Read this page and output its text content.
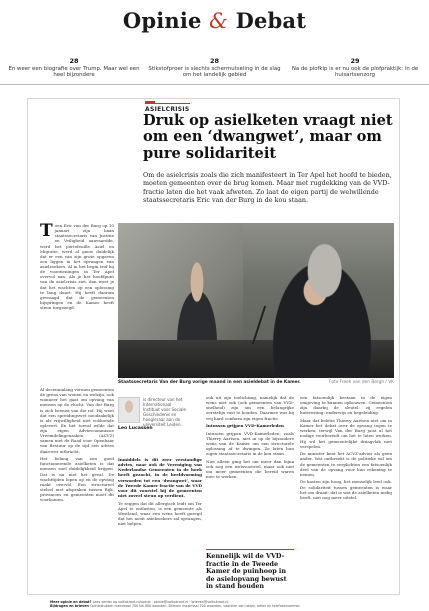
Opinie & Debat
28
En weer een biografie over Trump. Maar wel een heel bijzondere
28
Stikstofproer is slechts schermutseling in de slag om het landelijk gebied
29
Na de plofkip is er nu ook de plofpraktijk: in de huisartsenzorg
ASIELCRISIS
Druk op asielketen vraagt niet om een ‘dwangwet’, maar om pure solidariteit
Om de asielcrisis zoals die zich manifesteert in Ter Apel het hoofd te bieden, moeten gemeenten over de brug komen. Maar met rugdekking van de VVD-fractie laten die het vaak afweten. Zo laat de eigen partij de welwillende staatssecretaris Eric van der Burg in de kou staan.

Toen Eric van der Burg op 10 januari zijn baan staatssecretaris van Justitie en Veiligheid aanvaardde, werd het portefeuille Asiel en Migratie, werd al gauw duidelijk dat er een van zijn grote opgaven zou liggen in het opvangen van asielzoekers. Al in het begin trof hij de voorzieningen in Ter Apel overvol aan. Als je het hoofdpunt van de asielcrisis ziet, dan weet je dat het wachten op een oplossing te lang duurt. Hij heeft daarom gevraagd dat de gemeenten bijspringen en de Kamer heeft steun toegezegd.

Staatssecretaris Van der Burg vorige maand in een asieldebat in de Kamer.	Foto Freek van den Bergh / VK

Al decennialang vormen gemeenten de grens van wonen en welzijn, ook wanneer het gaat om opvang van mensen op de vlucht. Van der Burg is zich bewust van die rol. Hij weet dat een spreidingswet noodzakelijk is als vrijwilligheid niet voldoende oplevert. En het toeval wilde dat zijn eigen Adviescommissie Vreemdelingenzaken (ACVZ) samen met de Raad voor Openbaar van Bestuur op de tijd een advies daarover uitbracht.

Het belang van een goed functionerende asielketen is dat mensen snel duidelijkheid krijgen. Dat is nu niet het geval. De wachttijden lopen op en de opvang raakt overvol. Een structureel stelsel met afspraken tussen Rijk, provincies en gemeenten moet dit voorkomen.

is directeur van het Internationaal Instituut voor Sociale Geschiedenis en hoogleraar aan de universiteit Leiden.
Leo Lucassen

Inmiddels is dit zeer verstandige advies, naar ook de Vereniging van Nederlandse Gemeenten in de hoek heeft gezocht, in de beeldvorming verworden tot een ‘dwangwet’, waar de Tweede Kamer fractie van de VVD voor dit voorstel bij de gemeenten niet zoveel steun op verdient.

Te zeggen dat dit allergisch leidt om Ter Apel te ontlasten, is een gemeente als Westland, waar een wens heeft gezegd dat het nooit asielzoekers zal opvangen, niet helpen.

ook uit zijn toelichting, namelijk dat de wens niet ook (ook gemeenten van VVD-snelheid) zijn om een belangrijke eerstelijn vast te houden. Daarmee was hij vrij hard conform zijn eigen fractie.

Intussen grijpen VVD-Kamerleden

Intussen grijpen VVD-Kamerleden, zoals Thierry Aartsen, niet in op de bijzondere wens van de Kamer om een structurele oplossing af te dwingen. Ze laten hun eigen staatssecretaris in de kou staan.

Niet alleen ging het om meer dan bijna ook nog een wetsvoorstel, maar ook niet om meer gemeenten die bereid waren mee te werken.

Kennelijk wil de VVD-fractie in de Tweede Kamer de puinhoop in de asielopvang bewust in stand houden

een fatsoenlijk bestaan in de eigen omgeving te kunnen opbouwen. Gemeenten zijn daarbij de sleutel: zij regelen huisvesting, onderwijs en begeleiding.

Maar dat beletie Thierry Aartsen niet om in Kamer het debat over de opvang tegen te werken, terwijl Van der Burg juist al het nodige voorbereidt om het te laten werken. Hij wil het gemeentelijke draagvlak niet verspelen.

De minister kent het ACVZ-advies als geen ander. Wat ontbreekt is de politieke wil om de gemeenten te verplichten een fatsoenlijk deel van de opvang voor hun rekening te nemen.

De kosten zijn hoog, het menselijk leed ook. De solidariteit tussen gemeenten is waar het om draait: dat is wat de asielketen nodig heeft, niet nog meer uitstel.

Meer opinie en debat? Lees verder op volkskrant.nl/opinie · opinie@volkskrant.nl · brieven@volkskrant.nl
Bijdragen en brieven Opiniestukken maximaal 700 tot 800 woorden. Brieven maximaal 200 woorden, voorzien van naam, adres en telefoonnummer.
